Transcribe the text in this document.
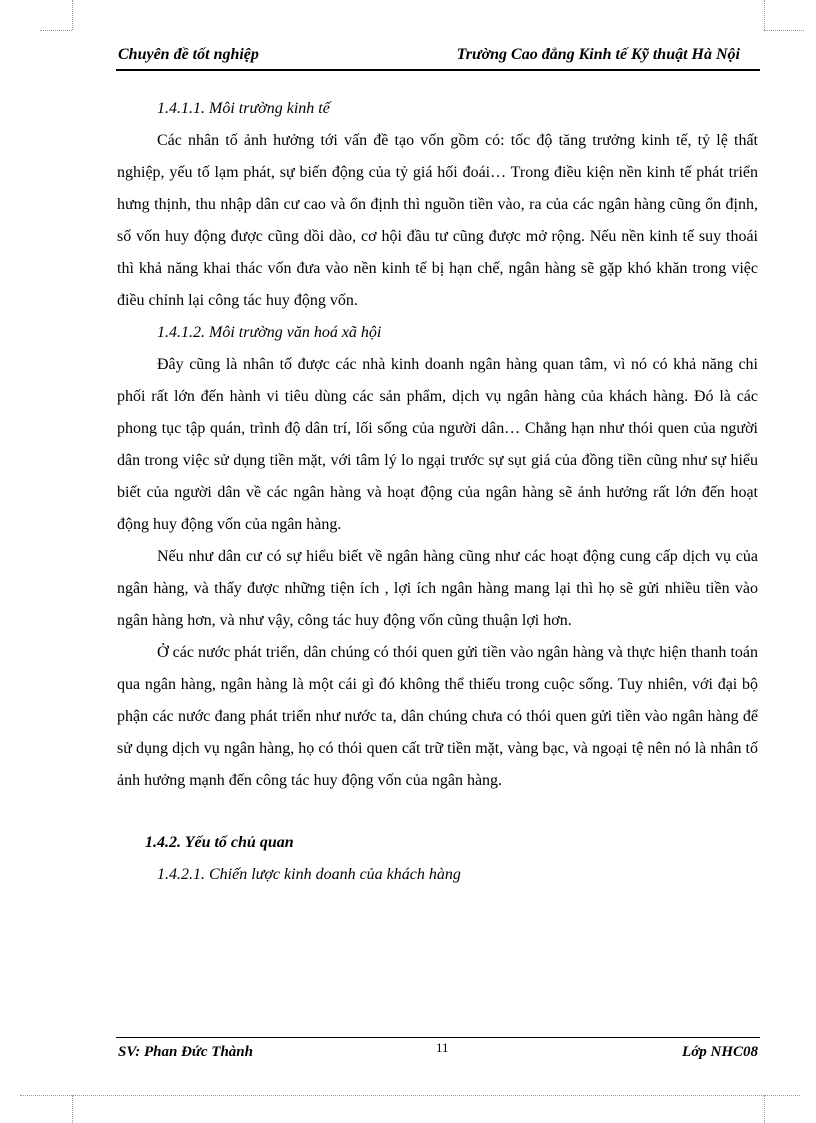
Chuyên đề tốt nghiệp	Trường Cao đẳng Kinh tế Kỹ thuật Hà Nội
1.4.1.1. Môi trường kinh tế

Các nhân tố ảnh hưởng tới vấn đề tạo vốn gồm có: tốc độ tăng trưởng kinh tế, tỷ lệ thất nghiệp, yếu tố lạm phát, sự biến động của tỷ giá hối đoái… Trong điều kiện nền kinh tế phát triển hưng thịnh, thu nhập dân cư cao và ổn định thì nguồn tiền vào, ra của các ngân hàng cũng ổn định, số vốn huy động được cũng dồi dào, cơ hội đầu tư cũng được mở rộng. Nếu nền kinh tế suy thoái thì khả năng khai thác vốn đưa vào nền kinh tế bị hạn chế, ngân hàng sẽ gặp khó khăn trong việc điều chỉnh lại công tác huy động vốn.

1.4.1.2. Môi trường văn hoá xã hội

Đây cũng là nhân tố được các nhà kinh doanh ngân hàng quan tâm, vì nó có khả năng chi phối rất lớn đến hành vi tiêu dùng các sản phẩm, dịch vụ ngân hàng của khách hàng. Đó là các phong tục tập quán, trình độ dân trí, lối sống của người dân… Chẳng hạn như thói quen của người dân trong việc sử dụng tiền mặt, với tâm lý lo ngại trước sự sụt giá của đồng tiền cũng như sự hiểu biết của người dân về các ngân hàng và hoạt động của ngân hàng sẽ ảnh hưởng rất lớn đến hoạt động huy động vốn của ngân hàng.

Nếu như dân cư có sự hiểu biết về ngân hàng cũng như các hoạt động cung cấp dịch vụ của ngân hàng, và thấy được những tiện ích , lợi ích ngân hàng mang lại thì họ sẽ gửi nhiều tiền vào ngân hàng hơn, và như vậy, công tác huy động vốn cũng thuận lợi hơn.

Ở các nước phát triển, dân chúng có thói quen gửi tiền vào ngân hàng và thực hiện thanh toán qua ngân hàng, ngân hàng là một cái gì đó không thể thiếu trong cuộc sống. Tuy nhiên, với đại bộ phận các nước đang phát triển như nước ta, dân chúng chưa có thói quen gửi tiền vào ngân hàng để sử dụng dịch vụ ngân hàng, họ có thói quen cất trữ tiền mặt, vàng bạc, và ngoại tệ nên nó là nhân tố ảnh hưởng mạnh đến công tác huy động vốn của ngân hàng.

1.4.2. Yếu tố chủ quan
1.4.2.1. Chiến lược kinh doanh của khách hàng
SV: Phan Đức Thành	11	Lớp NHC08
